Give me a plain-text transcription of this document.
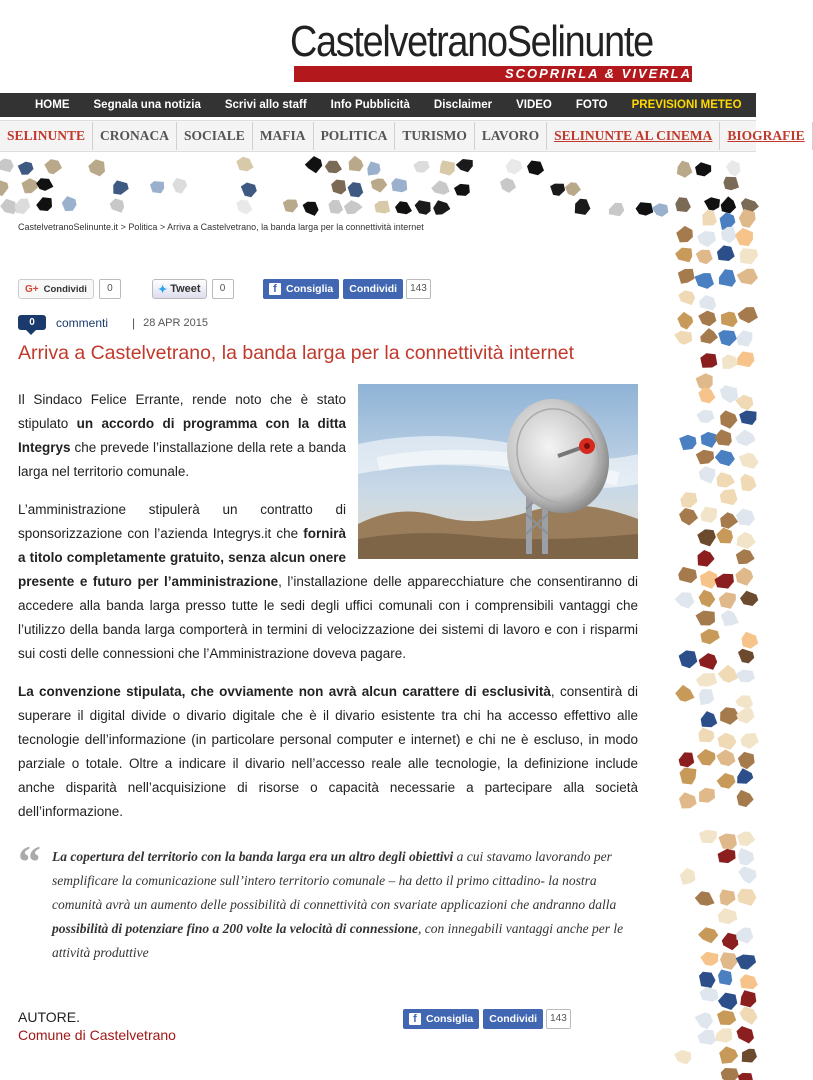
CastelvetranoSelinunte
SCOPRIRLA & VIVERLA
HOME Segnala una notizia Scrivi allo staff Info Pubblicità Disclaimer VIDEO FOTO PREVISIONI METEO
SELINUNTE	CRONACA	SOCIALE	MAFIA	POLITICA	TURISMO	LAVORO	SELINUNTE AL CINEMA	BIOGRAFIE
CastelvetranoSelinunte.it > Politica > Arriva a Castelvetrano, la banda larga per la connettività internet
G+ Condividi	0	✦ Tweet	0	f Consiglia	Condividi	143
0	commenti | 28 APR 2015
Arriva a Castelvetrano, la banda larga per la connettività internet

Il Sindaco Felice Errante, rende noto che è stato stipulato un accordo di programma con la ditta Integrys che prevede l’installazione della rete a banda larga nel territorio comunale.

L’amministrazione stipulerà un contratto di sponsorizzazione con l’azienda Integrys.it che fornirà a titolo completamente gratuito, senza alcun onere presente e futuro per l’amministrazione, l’installazione delle apparecchiature che consentiranno di accedere alla banda larga presso tutte le sedi degli uffici comunali con i comprensibili vantaggi che l’utilizzo della banda larga comporterà in termini di velocizzazione dei sistemi di lavoro e con i risparmi sui costi delle connessioni che l’Amministrazione doveva pagare.

La convenzione stipulata, che ovviamente non avrà alcun carattere di esclusività, consentirà di superare il digital divide o divario digitale che è il divario esistente tra chi ha accesso effettivo alle tecnologie dell’informazione (in particolare personal computer e internet) e chi ne è escluso, in modo parziale o totale. Oltre a indicare il divario nell’accesso reale alle tecnologie, la definizione include anche disparità nell’acquisizione di risorse o capacità necessarie a partecipare alla società dell’informazione.

“ La copertura del territorio con la banda larga era un altro degli obiettivi a cui stavamo lavorando per semplificare la comunicazione sull’intero territorio comunale – ha detto il primo cittadino- la nostra comunità avrà un aumento delle possibilità di connettività con svariate applicazioni che andranno dalla possibilità di potenziare fino a 200 volte la velocità di connessione, con innegabili vantaggi anche per le attività produttive
AUTORE.
Comune di Castelvetrano
f Consiglia	Condividi	143
